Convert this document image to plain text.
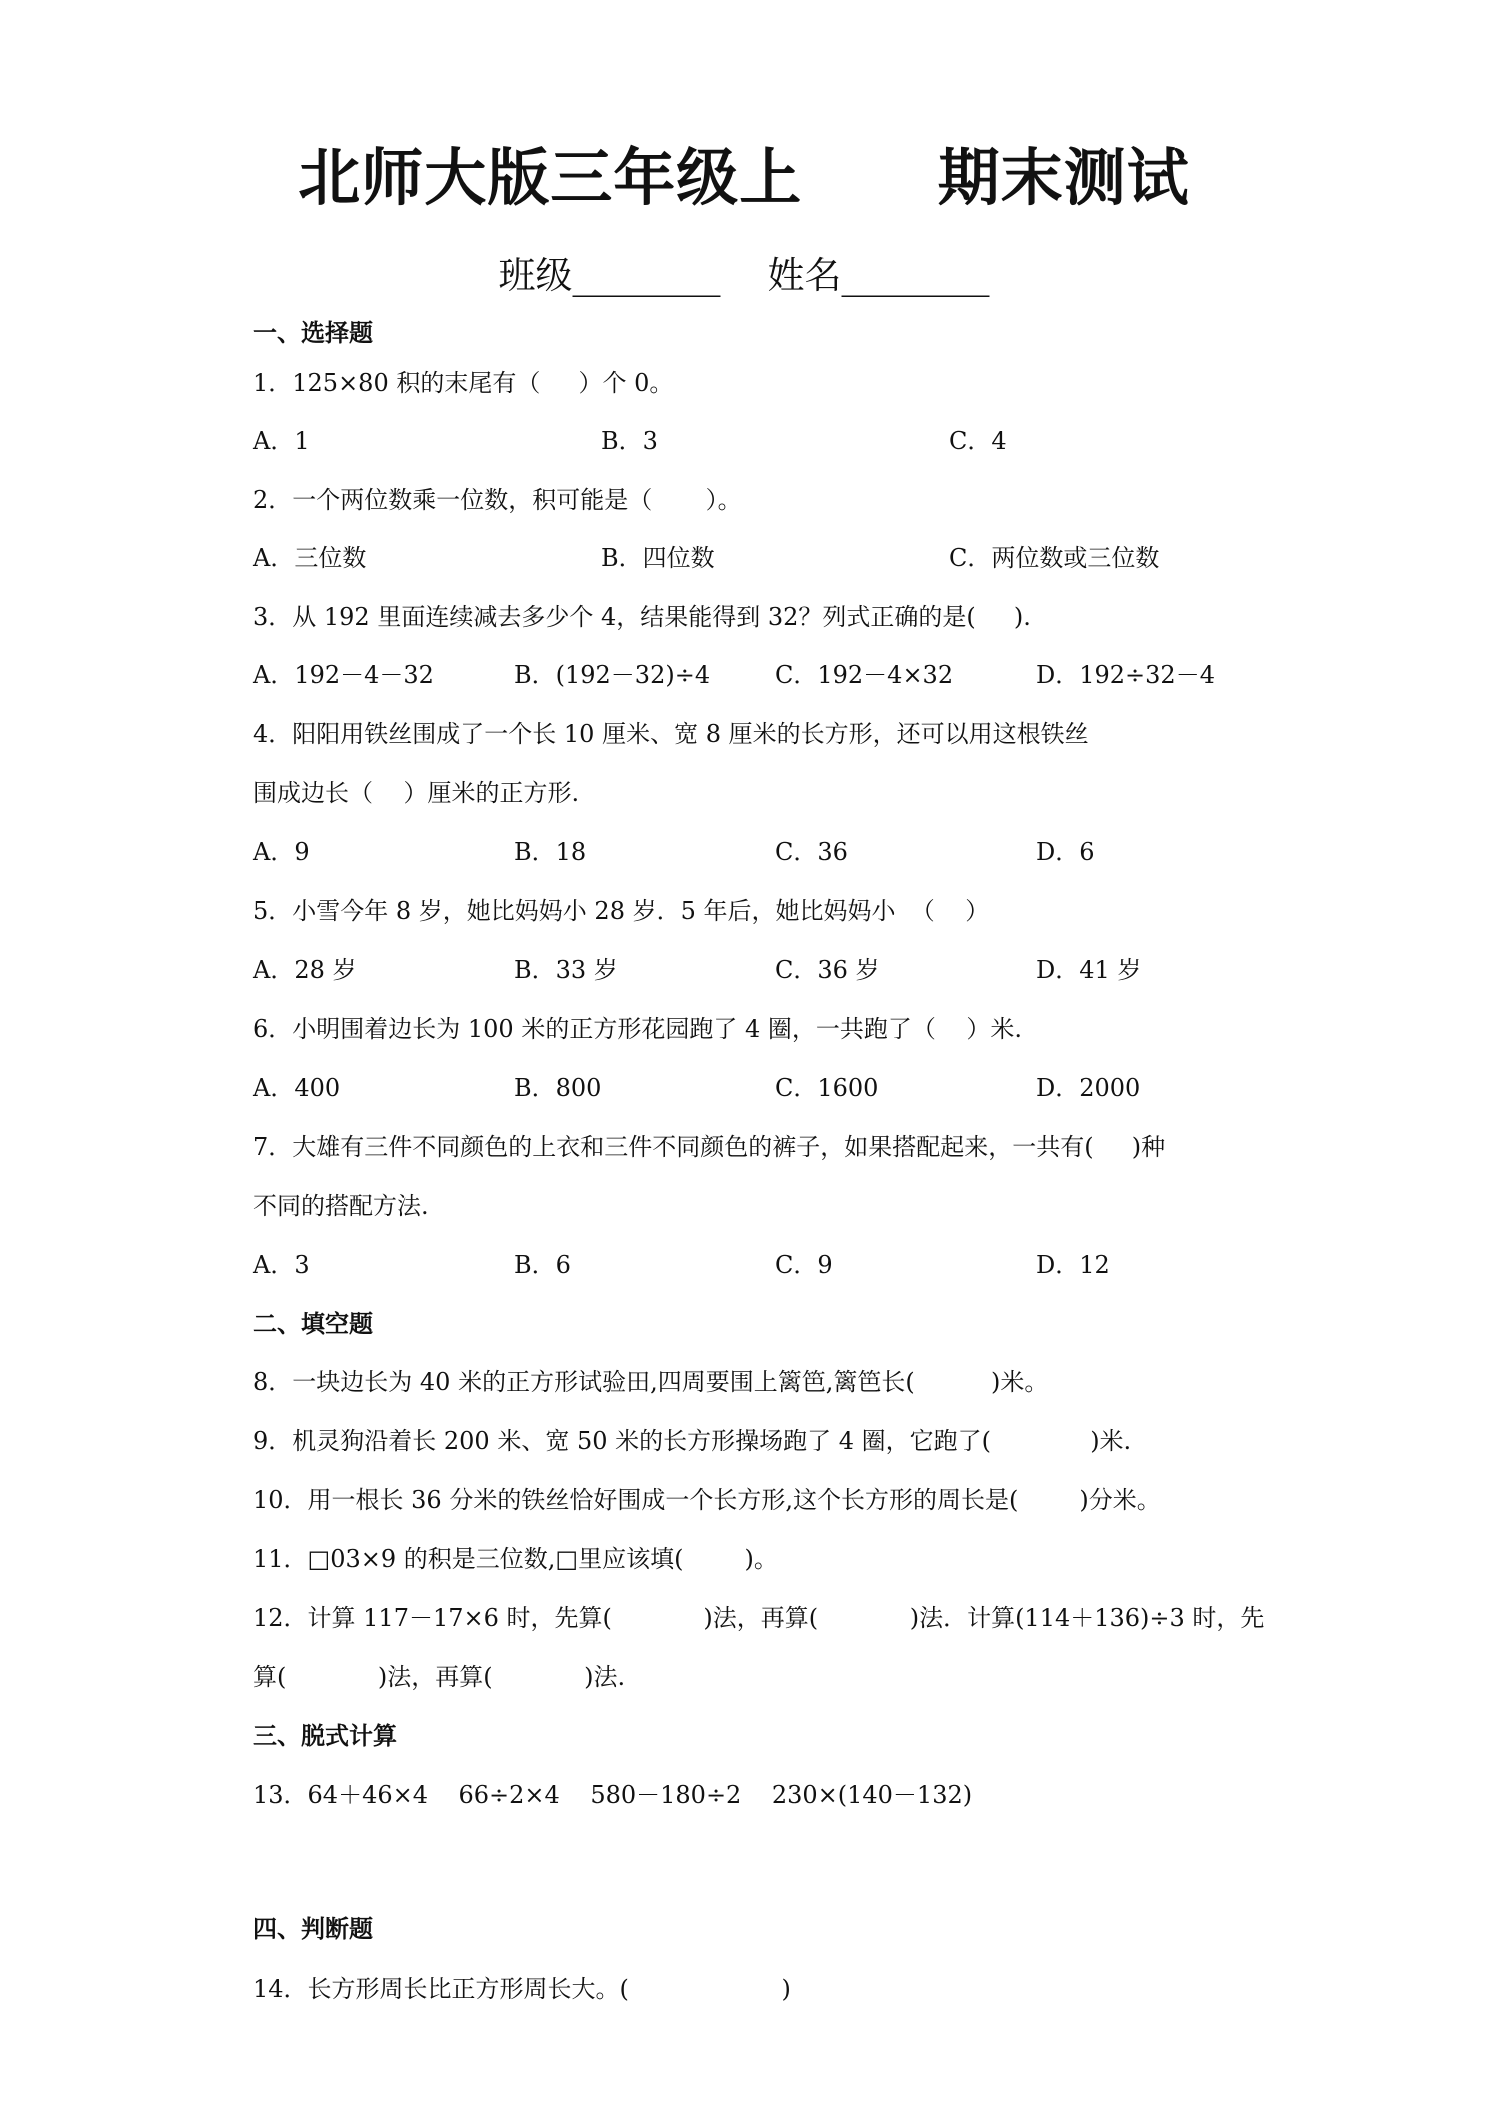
北师大版三年级上      期末测试
班级________    姓名________
一、选择题
1．125×80 积的末尾有（     ）个 0。
A．1	B．3	C．4
2．一个两位数乘一位数，积可能是（       ）。
A．三位数	B．四位数	C．两位数或三位数
3．从 192 里面连续减去多少个 4，结果能得到 32？列式正确的是(     ).
A．192－4－32	B．(192－32)÷4	C．192－4×32	D．192÷32－4
4．阳阳用铁丝围成了一个长 10 厘米、宽 8 厘米的长方形，还可以用这根铁丝
围成边长（    ）厘米的正方形.
A．9	B．18	C．36	D．6
5．小雪今年 8 岁，她比妈妈小 28 岁．5 年后，她比妈妈小  （    ）
A．28 岁	B．33 岁	C．36 岁	D．41 岁
6．小明围着边长为 100 米的正方形花园跑了 4 圈，一共跑了（    ）米.
A．400	B．800	C．1600	D．2000
7．大雄有三件不同颜色的上衣和三件不同颜色的裤子，如果搭配起来，一共有(     )种
不同的搭配方法.
A．3	B．6	C．9	D．12
二、填空题
8．一块边长为 40 米的正方形试验田,四周要围上篱笆,篱笆长(          )米。
9．机灵狗沿着长 200 米、宽 50 米的长方形操场跑了 4 圈，它跑了(             )米.
10．用一根长 36 分米的铁丝恰好围成一个长方形,这个长方形的周长是(        )分米。
11．□03×9 的积是三位数,□里应该填(        )。
12．计算 117－17×6 时，先算(            )法，再算(            )法．计算(114＋136)÷3 时，先
算(            )法，再算(            )法.
三、脱式计算
13．64＋46×4    66÷2×4    580－180÷2    230×(140－132)
四、判断题
14．长方形周长比正方形周长大。(                    )
